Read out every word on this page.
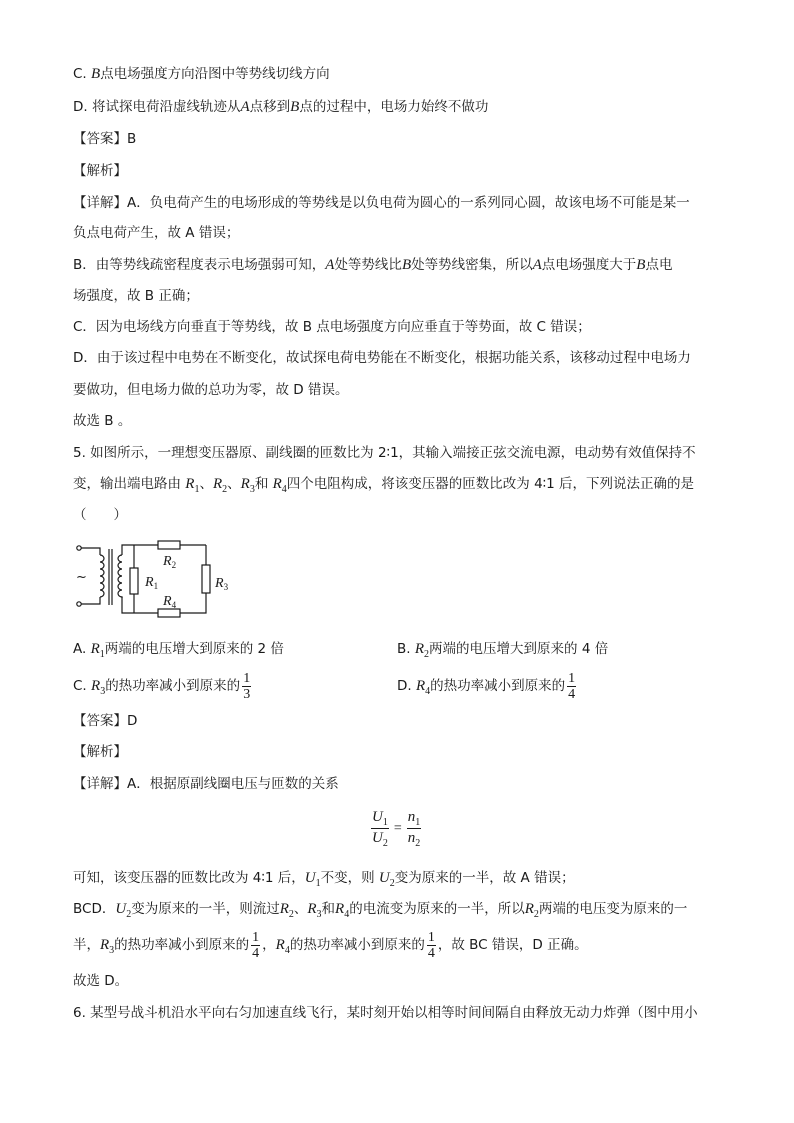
C. B点电场强度方向沿图中等势线切线方向
D. 将试探电荷沿虚线轨迹从A点移到B点的过程中，电场力始终不做功
【答案】B
【解析】
【详解】A．负电荷产生的电场形成的等势线是以负电荷为圆心的一系列同心圆，故该电场不可能是某一
负点电荷产生，故 A 错误；
B．由等势线疏密程度表示电场强弱可知，A处等势线比B处等势线密集，所以A点电场强度大于B点电
场强度，故 B 正确；
C．因为电场线方向垂直于等势线，故 B 点电场强度方向应垂直于等势面，故 C 错误；
D．由于该过程中电势在不断变化，故试探电荷电势能在不断变化，根据功能关系，该移动过程中电场力
要做功，但电场力做的总功为零，故 D 错误。
故选 B 。
5. 如图所示，一理想变压器原、副线圈的匝数比为 2∶1，其输入端接正弦交流电源，电动势有效值保持不
变，输出端电路由 $R_1$、$R_2$、$R_3$和 $R_4$四个电阻构成，将该变压器的匝数比改为 4∶1 后，下列说法正确的是
（　　）
~
$R_2$
$R_1$	$R_3$
$R_4$
A. $R_1$两端的电压增大到原来的 2 倍	B. $R_2$两端的电压增大到原来的 4 倍
C. $R_3$的热功率减小到原来的 $\frac{1}{3}$	D. $R_4$的热功率减小到原来的 $\frac{1}{4}$
【答案】D
【解析】
【详解】A．根据原副线圈电压与匝数的关系
$\frac{U_1}{U_2} = \frac{n_1}{n_2}$
可知，该变压器的匝数比改为 4∶1 后，$U_1$不变，则 $U_2$变为原来的一半，故 A 错误；
BCD．$U_2$变为原来的一半，则流过$R_2$、$R_3$和$R_4$的电流变为原来的一半，所以$R_2$两端的电压变为原来的一
半，$R_3$的热功率减小到原来的 $\frac{1}{4}$ ，$R_4$的热功率减小到原来的 $\frac{1}{4}$ ，故 BC 错误，D 正确。
故选 D。
6. 某型号战斗机沿水平向右匀加速直线飞行，某时刻开始以相等时间间隔自由释放无动力炸弹（图中用小
